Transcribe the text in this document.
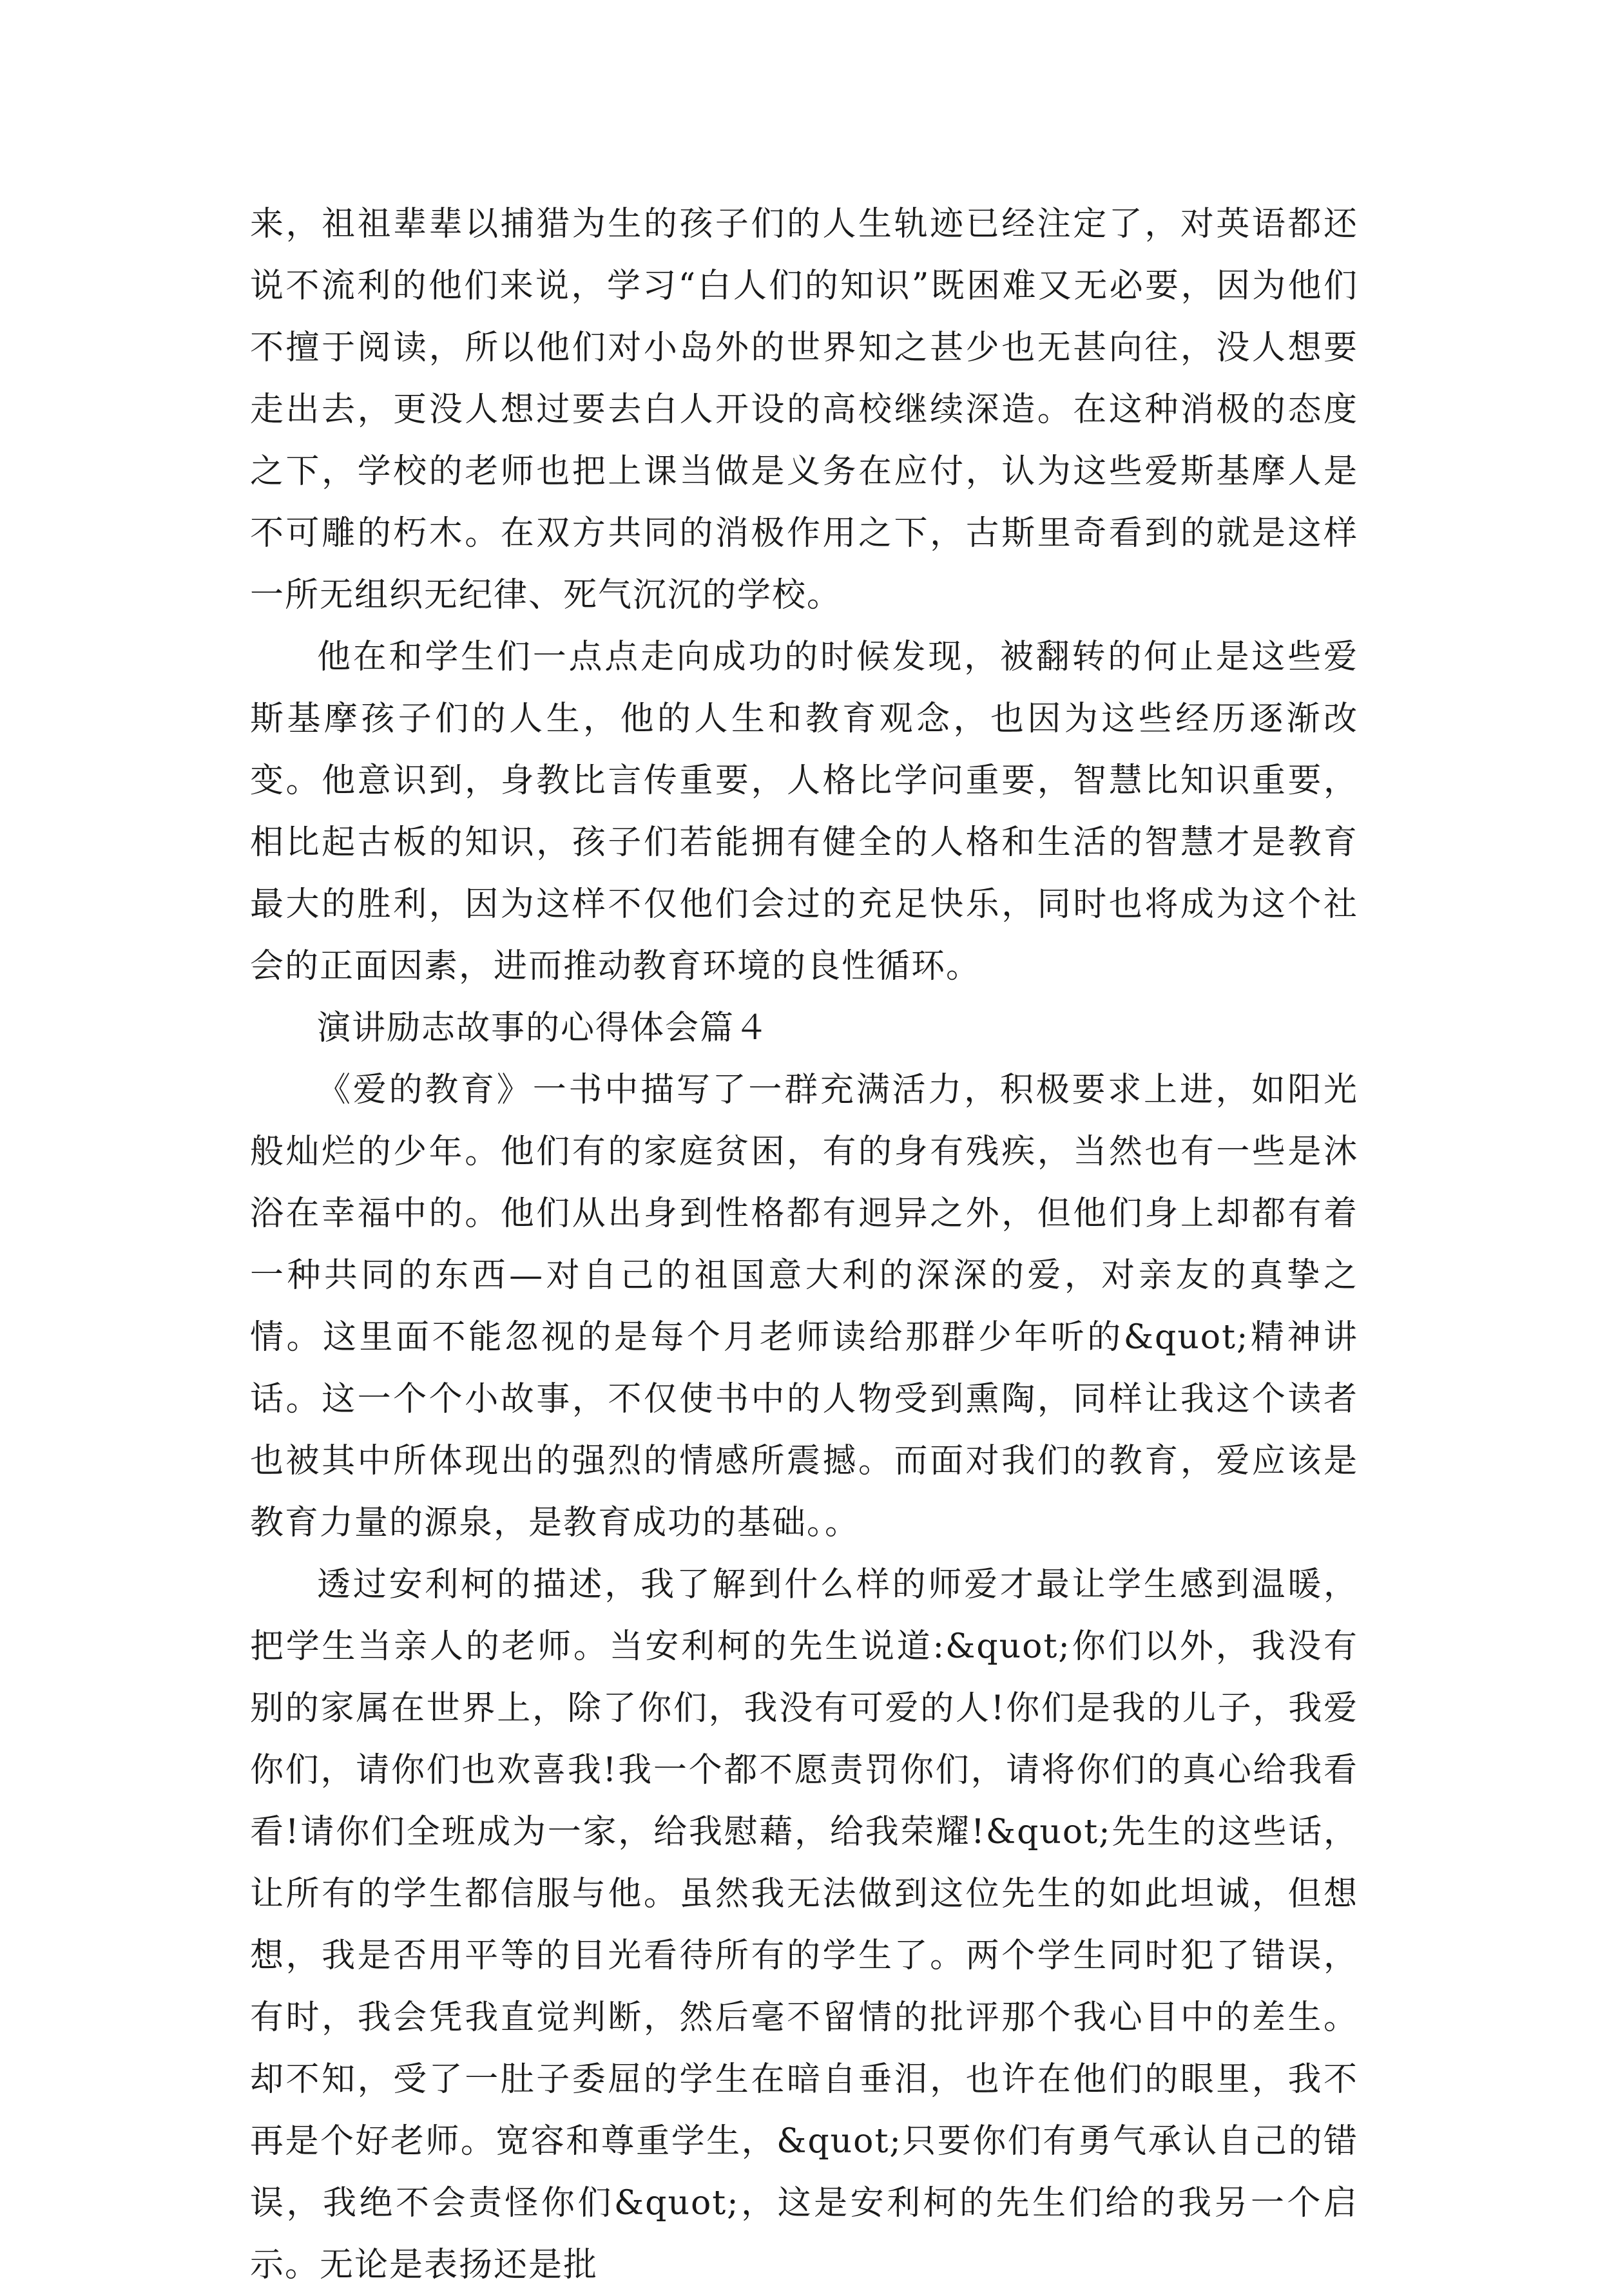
来，祖祖辈辈以捕猎为生的孩子们的人生轨迹已经注定了，对英语都还说不流利的他们来说，学习“白人们的知识”既困难又无必要，因为他们不擅于阅读，所以他们对小岛外的世界知之甚少也无甚向往，没人想要走出去，更没人想过要去白人开设的高校继续深造。在这种消极的态度之下，学校的老师也把上课当做是义务在应付，认为这些爱斯基摩人是不可雕的朽木。在双方共同的消极作用之下，古斯里奇看到的就是这样一所无组织无纪律、死气沉沉的学校。

他在和学生们一点点走向成功的时候发现，被翻转的何止是这些爱斯基摩孩子们的人生，他的人生和教育观念，也因为这些经历逐渐改变。他意识到，身教比言传重要，人格比学问重要，智慧比知识重要，相比起古板的知识，孩子们若能拥有健全的人格和生活的智慧才是教育最大的胜利，因为这样不仅他们会过的充足快乐，同时也将成为这个社会的正面因素，进而推动教育环境的良性循环。

演讲励志故事的心得体会篇４

《爱的教育》一书中描写了一群充满活力，积极要求上进，如阳光般灿烂的少年。他们有的家庭贫困，有的身有残疾，当然也有一些是沐浴在幸福中的。他们从出身到性格都有迥异之外，但他们身上却都有着一种共同的东西—对自己的祖国意大利的深深的爱，对亲友的真挚之情。这里面不能忽视的是每个月老师读给那群少年听的&quot;精神讲话。这一个个小故事，不仅使书中的人物受到熏陶，同样让我这个读者也被其中所体现出的强烈的情感所震撼。而面对我们的教育，爱应该是教育力量的源泉，是教育成功的基础。。

透过安利柯的描述，我了解到什么样的师爱才最让学生感到温暖，把学生当亲人的老师。当安利柯的先生说道:&quot;你们以外，我没有别的家属在世界上，除了你们，我没有可爱的人!你们是我的儿子，我爱你们，请你们也欢喜我!我一个都不愿责罚你们，请将你们的真心给我看看!请你们全班成为一家，给我慰藉，给我荣耀!&quot;先生的这些话，让所有的学生都信服与他。虽然我无法做到这位先生的如此坦诚，但想想，我是否用平等的目光看待所有的学生了。两个学生同时犯了错误，有时，我会凭我直觉判断，然后毫不留情的批评那个我心目中的差生。却不知，受了一肚子委屈的学生在暗自垂泪，也许在他们的眼里，我不再是个好老师。宽容和尊重学生，&quot;只要你们有勇气承认自己的错误，我绝不会责怪你们&quot;，这是安利柯的先生们给的我另一个启示。无论是表扬还是批
